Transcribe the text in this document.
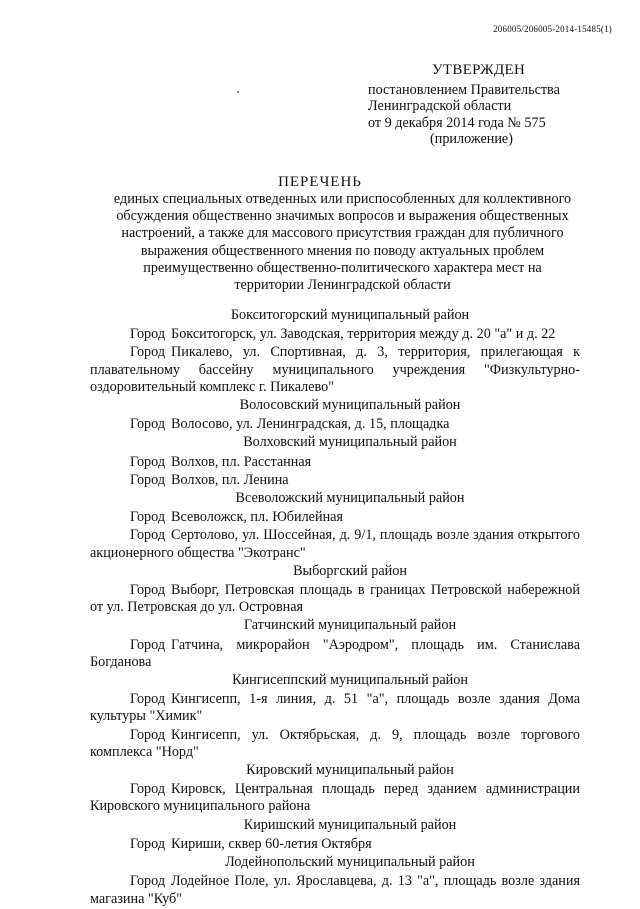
206005/206005-2014-15485(1)
УТВЕРЖДЕН
постановлением Правительства
Ленинградской области
от 9 декабря 2014 года № 575
(приложение)
ПЕРЕЧЕНЬ
единых специальных отведенных или приспособленных для коллективного обсуждения общественно значимых вопросов и выражения общественных настроений, а также для массового присутствия граждан для публичного выражения общественного мнения по поводу актуальных проблем преимущественно общественно-политического характера мест на территории Ленинградской области
Бокситогорский муниципальный район
Город Бокситогорск, ул. Заводская, территория между д. 20 "а" и д. 22
Город Пикалево, ул. Спортивная, д. 3, территория, прилегающая к плавательному бассейну муниципального учреждения "Физкультурно-оздоровительный комплекс г. Пикалево"
Волосовский муниципальный район
Город Волосово, ул. Ленинградская, д. 15, площадка
Волховский муниципальный район
Город Волхов, пл. Расстанная
Город Волхов, пл. Ленина
Всеволожский муниципальный район
Город Всеволожск, пл. Юбилейная
Город Сертолово, ул. Шоссейная, д. 9/1, площадь возле здания открытого акционерного общества "Экотранс"
Выборгский район
Город Выборг, Петровская площадь в границах Петровской набережной от ул. Петровская до ул. Островная
Гатчинский муниципальный район
Город Гатчина, микрорайон "Аэродром", площадь им. Станислава Богданова
Кингисеппский муниципальный район
Город Кингисепп, 1-я линия, д. 51 "а", площадь возле здания Дома культуры "Химик"
Город Кингисепп, ул. Октябрьская, д. 9, площадь возле торгового комплекса "Норд"
Кировский муниципальный район
Город Кировск, Центральная площадь перед зданием администрации Кировского муниципального района
Киришский муниципальный район
Город Кириши, сквер 60-летия Октября
Лодейнопольский муниципальный район
Город Лодейное Поле, ул. Ярославцева, д. 13 "а", площадь возле здания магазина "Куб"
